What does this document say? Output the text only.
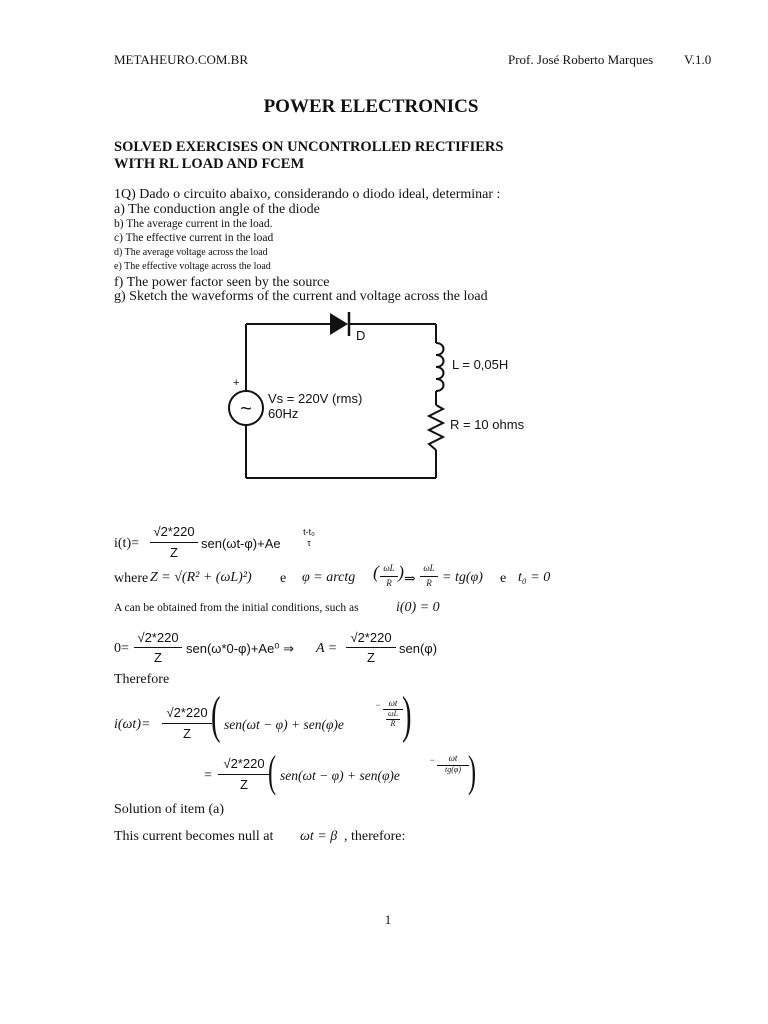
METAHEURO.COM.BR	Prof. José Roberto Marques V.1.0
POWER ELECTRONICS
SOLVED EXERCISES ON UNCONTROLLED RECTIFIERS
WITH RL LOAD AND FCEM
1Q) Dado o circuito abaixo, considerando o diodo ideal, determinar :
a) The conduction angle of the diode
b) The average current in the load.
c) The effective current in the load
d) The average voltage across the load
e) The effective voltage across the load
f) The power factor seen by the source
g) Sketch the waveforms of the current and voltage across the load
D
L = 0,05H
R = 10 ohms
~
+
Vs = 220V (rms)
60Hz
i(t)=
√2*220
Z
sen(ωt-φ)+Ae
t-t₀
τ
where Z = √(R² + (ωL)²) e φ = arctg ( ωL
R
) ⇒
ωL
R = tg(φ) e t₀ = 0
A can be obtained from the initial conditions, such as	i(0) = 0
0=
√2*220
Z
sen(ω*0-φ)+Ae⁰ ⇒ A =
√2*220
Z
sen(φ)
Therefore
i(ωt)=
√2*220
Z ( sen(ωt − φ) + sen(φ)e
− ωt
ωL
R )
=
√2*220
Z ( sen(ωt − φ) + sen(φ)e
−	ωt
tg(φ) )
Solution of item (a)
This current becomes null at ωt = β , therefore:
1
